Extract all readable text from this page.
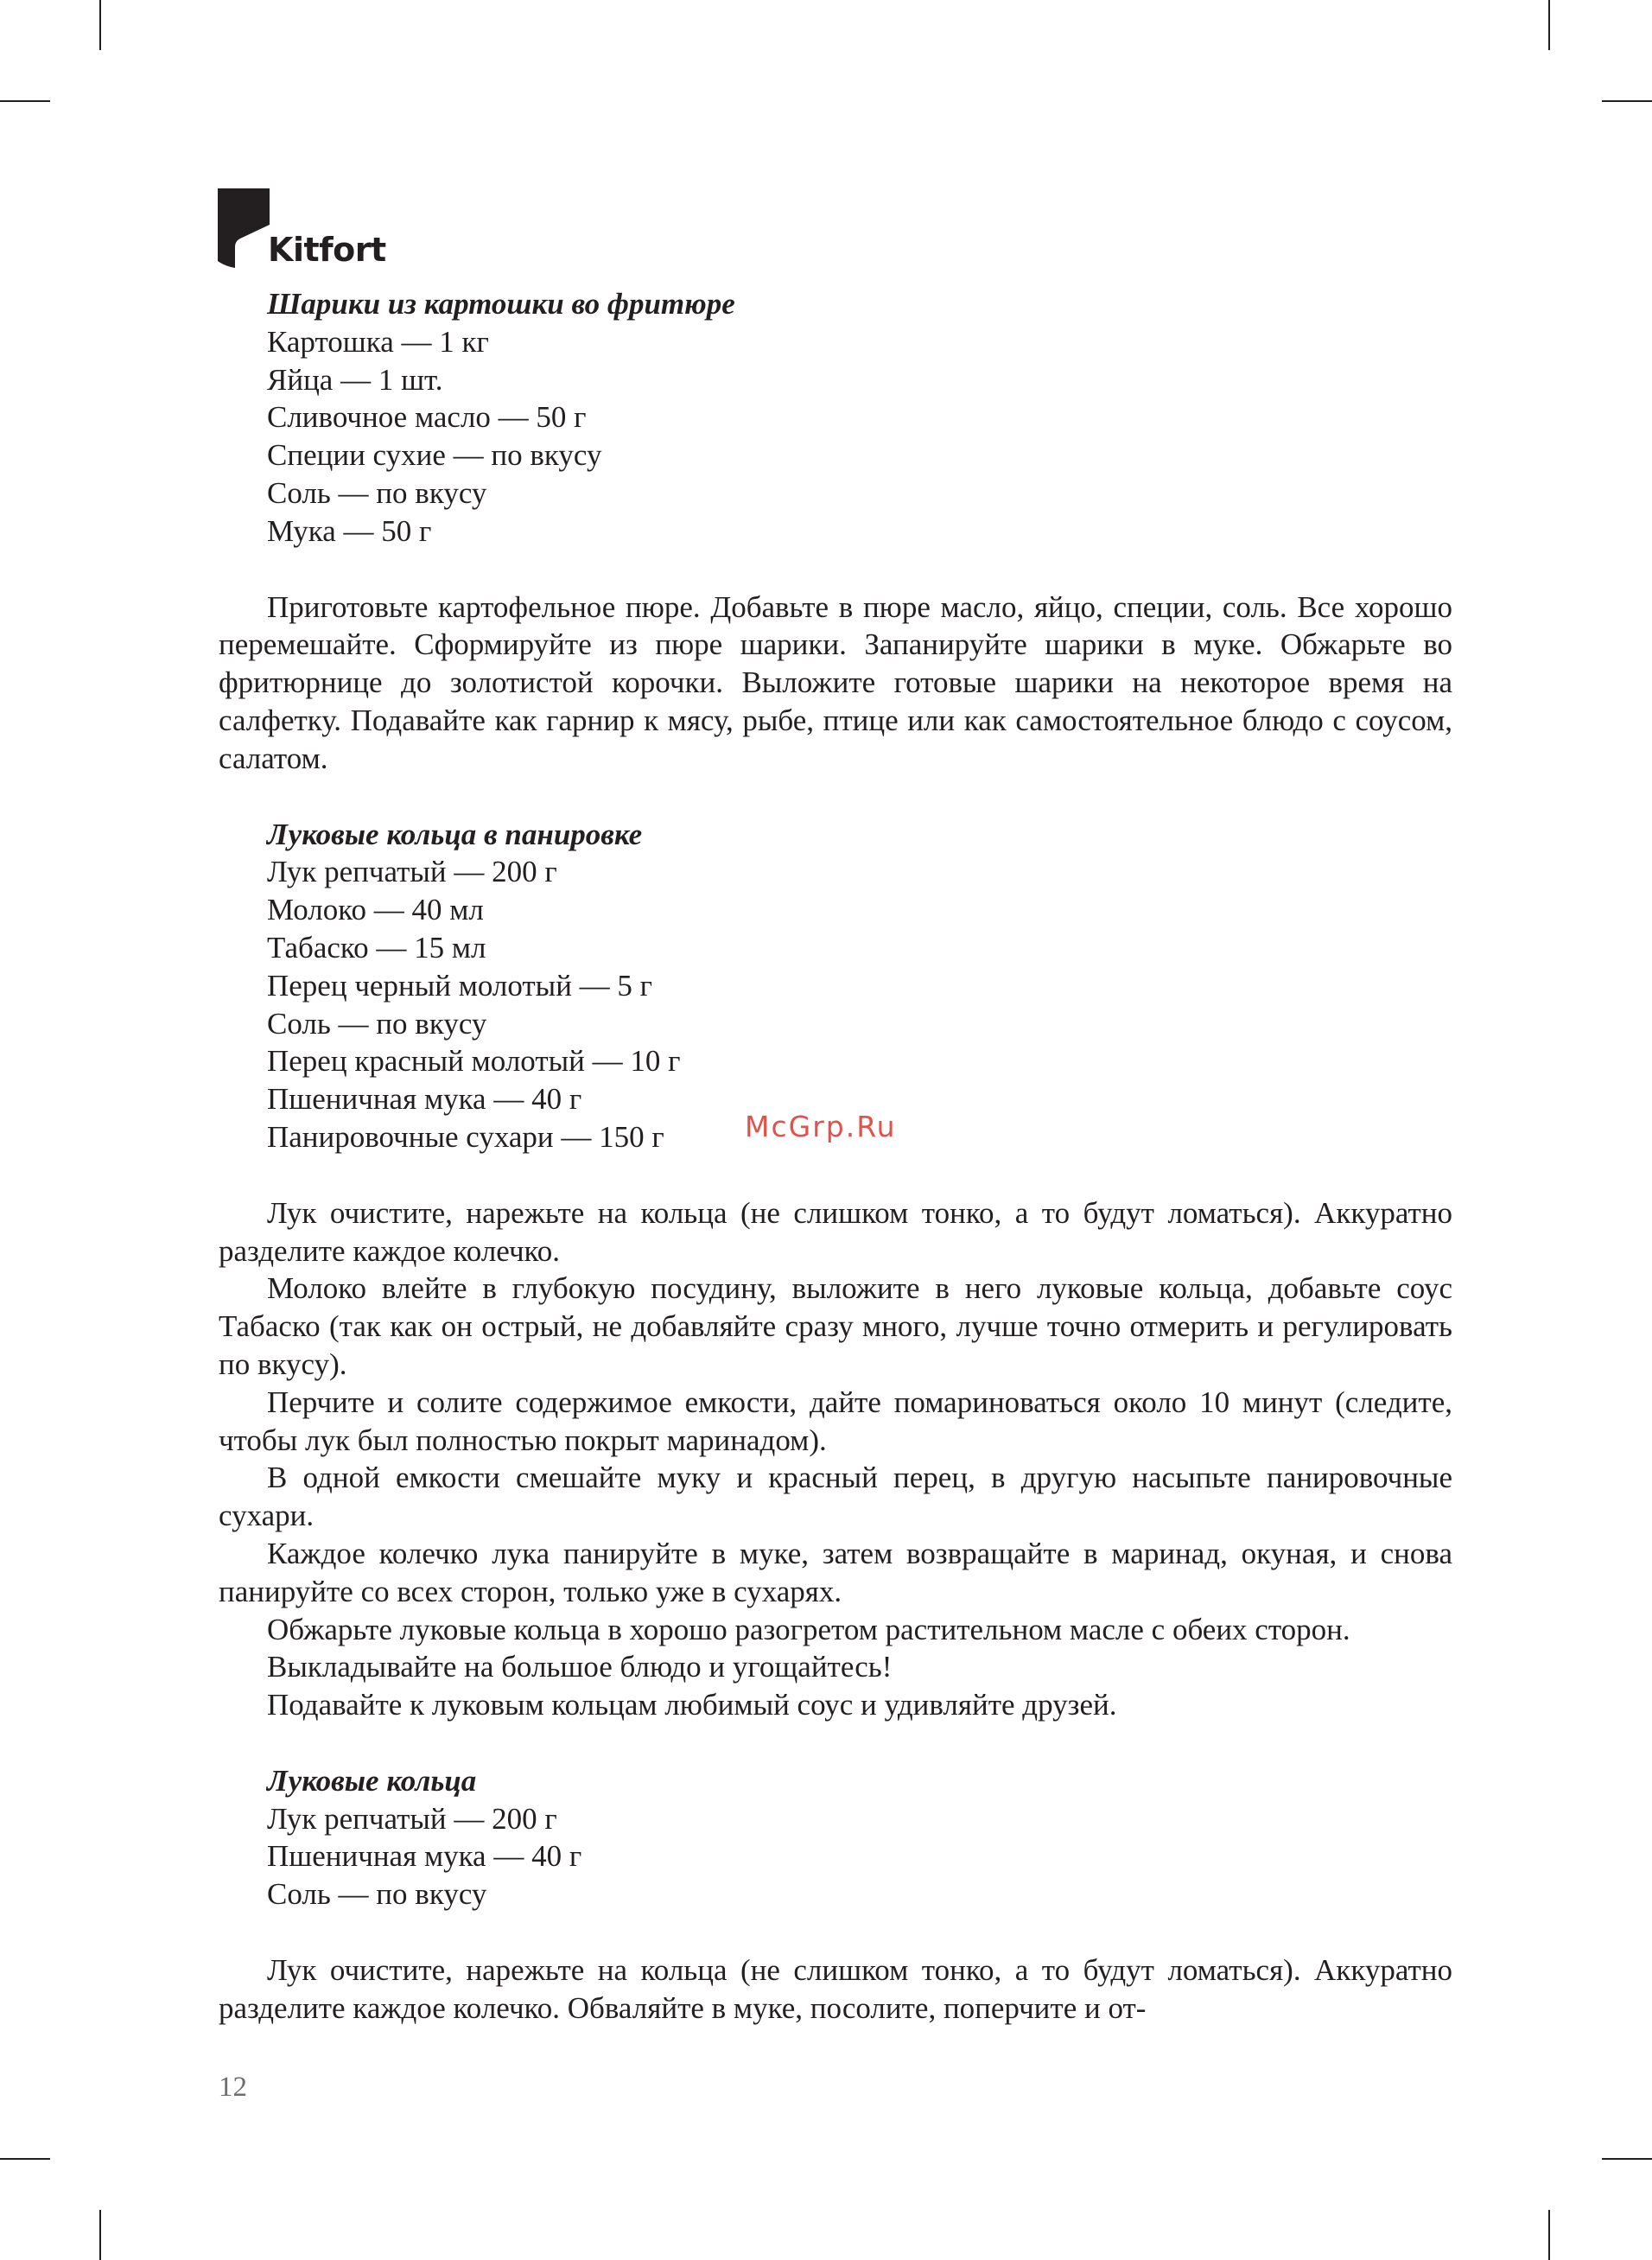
Kitfort

Шарики из картошки во фритюре

Картошка — 1 кг

Яйца — 1 шт.

Сливочное масло — 50 г

Специи сухие — по вкусу

Соль — по вкусу

Мука — 50 г

Приготовьте картофельное пюре. Добавьте в пюре масло, яйцо, специи, соль. Все хорошо перемешайте. Сформируйте из пюре шарики. Запанируйте шарики в муке. Обжарьте во фритюрнице до золотистой корочки. Выложите готовые шарики на некоторое время на салфетку. Подавайте как гарнир к мясу, рыбе, птице или как самостоятельное блюдо с соусом, салатом.

Луковые кольца в панировке

Лук репчатый — 200 г

Молоко — 40 мл

Табаско — 15 мл

Перец черный молотый — 5 г

Соль — по вкусу

Перец красный молотый — 10 г

Пшеничная мука — 40 г

Панировочные сухари — 150 г

Лук очистите, нарежьте на кольца (не слишком тонко, а то будут ломаться). Аккуратно разделите каждое колечко.

Молоко влейте в глубокую посудину, выложите в него луковые кольца, добавьте соус Табаско (так как он острый, не добавляйте сразу много, лучше точно отмерить и регулировать по вкусу).

Перчите и солите содержимое емкости, дайте помариноваться около 10 минут (следите, чтобы лук был полностью покрыт маринадом).

В одной емкости смешайте муку и красный перец, в другую насыпьте панировочные сухари.

Каждое колечко лука панируйте в муке, затем возвращайте в маринад, окуная, и снова панируйте со всех сторон, только уже в сухарях.

Обжарьте луковые кольца в хорошо разогретом растительном масле с обеих сторон.

Выкладывайте на большое блюдо и угощайтесь!

Подавайте к луковым кольцам любимый соус и удивляйте друзей.

Луковые кольца

Лук репчатый — 200 г

Пшеничная мука — 40 г

Соль — по вкусу

Лук очистите, нарежьте на кольца (не слишком тонко, а то будут ломаться). Аккуратно разделите каждое колечко. Обваляйте в муке, посолите, поперчите и от-

McGrp.Ru
12
